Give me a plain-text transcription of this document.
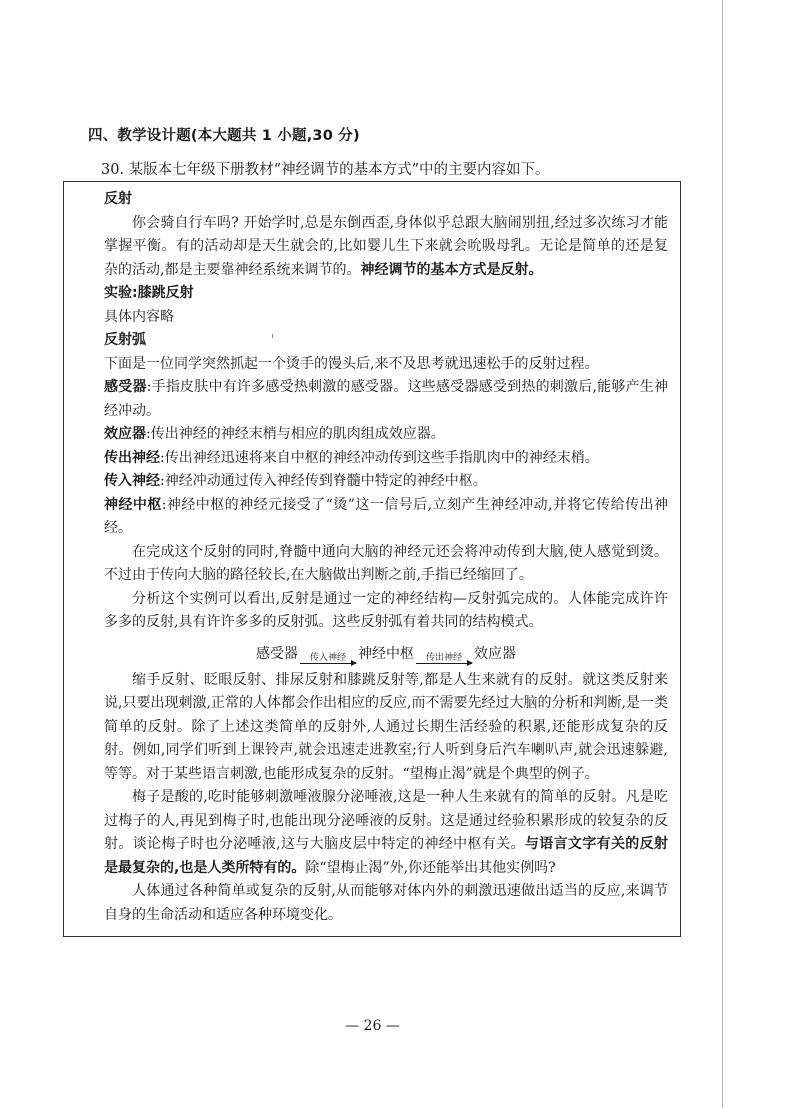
四、教学设计题(本大题共 1 小题,30 分)
30. 某版本七年级下册教材“神经调节的基本方式”中的主要内容如下。

反射

你会骑自行车吗? 开始学时,总是东倒西歪,身体似乎总跟大脑闹别扭,经过多次练习才能掌握平衡。有的活动却是天生就会的,比如婴儿生下来就会吮吸母乳。无论是简单的还是复杂的活动,都是主要靠神经系统来调节的。神经调节的基本方式是反射。

实验:膝跳反射

具体内容略

反射弧

下面是一位同学突然抓起一个烫手的馒头后,来不及思考就迅速松手的反射过程。

感受器:手指皮肤中有许多感受热刺激的感受器。这些感受器感受到热的刺激后,能够产生神经冲动。

效应器:传出神经的神经末梢与相应的肌肉组成效应器。

传出神经:传出神经迅速将来自中枢的神经冲动传到这些手指肌肉中的神经末梢。

传入神经:神经冲动通过传入神经传到脊髓中特定的神经中枢。

神经中枢:神经中枢的神经元接受了“烫”这一信号后,立刻产生神经冲动,并将它传给传出神经。

在完成这个反射的同时,脊髓中通向大脑的神经元还会将冲动传到大脑,使人感觉到烫。不过由于传向大脑的路径较长,在大脑做出判断之前,手指已经缩回了。

分析这个实例可以看出,反射是通过一定的神经结构—反射弧完成的。人体能完成许许多多的反射,具有许许多多的反射弧。这些反射弧有着共同的结构模式。

感受器 传入神经 神经中枢 传出神经 效应器

缩手反射、眨眼反射、排尿反射和膝跳反射等,都是人生来就有的反射。就这类反射来说,只要出现刺激,正常的人体都会作出相应的反应,而不需要先经过大脑的分析和判断,是一类简单的反射。除了上述这类简单的反射外,人通过长期生活经验的积累,还能形成复杂的反射。例如,同学们听到上课铃声,就会迅速走进教室;行人听到身后汽车喇叭声,就会迅速躲避,等等。对于某些语言刺激,也能形成复杂的反射。“望梅止渴”就是个典型的例子。

梅子是酸的,吃时能够刺激唾液腺分泌唾液,这是一种人生来就有的简单的反射。凡是吃过梅子的人,再见到梅子时,也能出现分泌唾液的反射。这是通过经验积累形成的较复杂的反射。谈论梅子时也分泌唾液,这与大脑皮层中特定的神经中枢有关。与语言文字有关的反射是最复杂的,也是人类所特有的。除“望梅止渴”外,你还能举出其他实例吗?

人体通过各种简单或复杂的反射,从而能够对体内外的刺激迅速做出适当的反应,来调节自身的生命活动和适应各种环境变化。

— 26 —
